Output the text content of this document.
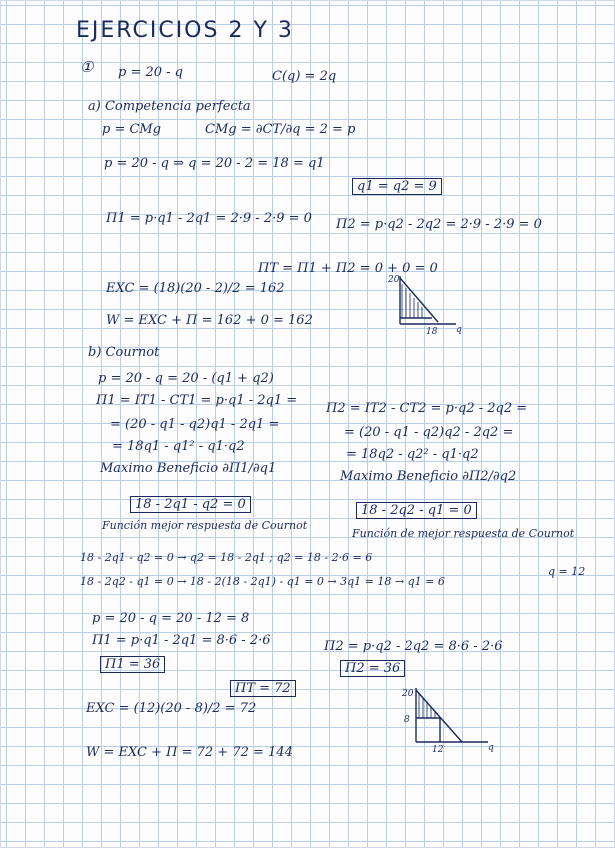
EJERCICIOS 2 Y 3
① p = 20 - q	C(q) = 2q
a) Competencia perfecta
p = CMg	CMg = ∂CT/∂q = 2 = p
p = 20 - q ⇒ q = 20 - 2 = 18 = q1
q1 = q2 = 9
Π1 = p·q1 - 2q1 = 2·9 - 2·9 = 0 Π2 = p·q2 - 2q2 = 2·9 - 2·9 = 0
ΠT = Π1 + Π2 = 0 + 0 = 0
EXC = (18)(20 - 2)/2 = 162
W = EXC + Π = 162 + 0 = 162
20
18 q
b) Cournot
p = 20 - q = 20 - (q1 + q2)
Π1 = IT1 - CT1 = p·q1 - 2q1 =
= (20 - q1 - q2)q1 - 2q1 =
= 18q1 - q1² - q1·q2
Maximo Beneficio ∂Π1/∂q1
18 - 2q1 - q2 = 0
Función mejor respuesta de Cournot
Π2 = IT2 - CT2 = p·q2 - 2q2 =
= (20 - q1 - q2)q2 - 2q2 =
= 18q2 - q2² - q1·q2
Maximo Beneficio ∂Π2/∂q2
18 - 2q2 - q1 = 0
Función de mejor respuesta de Cournot
18 - 2q1 - q2 = 0 → q2 = 18 - 2q1 ; q2 = 18 - 2·6 = 6
18 - 2q2 - q1 = 0 → 18 - 2(18 - 2q1) - q1 = 0 → 3q1 = 18 → q1 = 6
q = 12
p = 20 - q = 20 - 12 = 8
Π1 = p·q1 - 2q1 = 8·6 - 2·6
Π1 = 36
Π2 = p·q2 - 2q2 = 8·6 - 2·6
Π2 = 36
ΠT = 72
EXC = (12)(20 - 8)/2 = 72
W = EXC + Π = 72 + 72 = 144
20
8
12	q
